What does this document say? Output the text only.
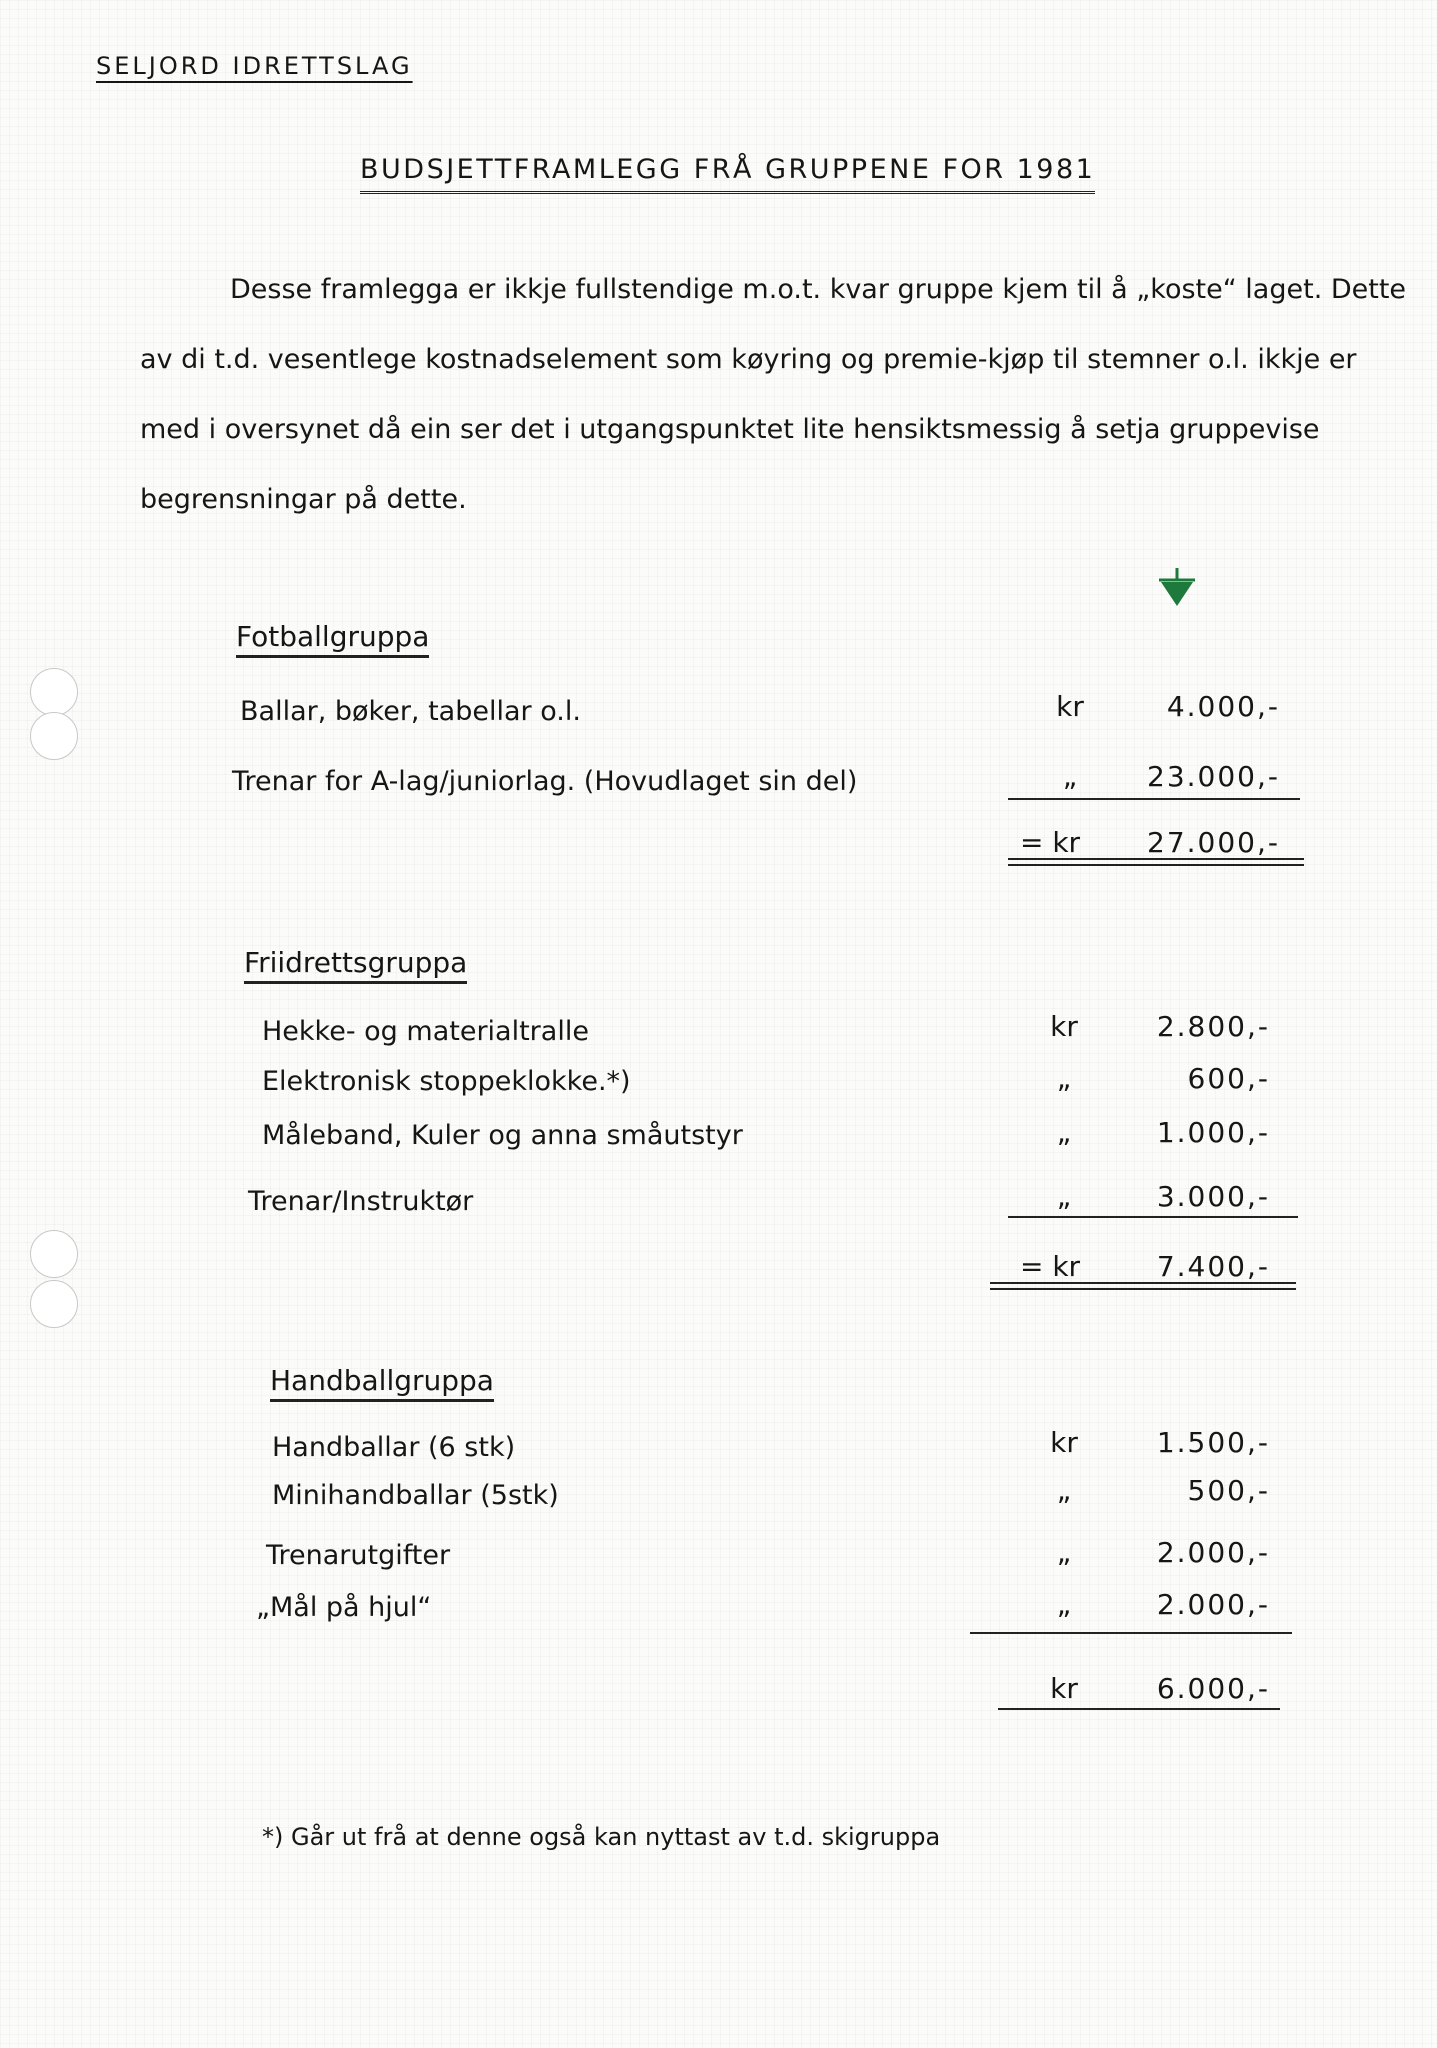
SELJORD IDRETTSLAG
BUDSJETTFRAMLEGG FRÅ GRUPPENE FOR 1981

Desse framlegga er ikkje fullstendige m.o.t. kvar gruppe kjem til å „koste“ laget. Dette av di t.d. vesentlege kostnadselement som køyring og premie-kjøp til stemner o.l. ikkje er med i oversynet då ein ser det i utgangspunktet lite hensiktsmessig å setja gruppevise begrensningar på dette.

Fotballgruppa
Ballar, bøker, tabellar o.l.	kr	4.000,-
Trenar for A-lag/juniorlag. (Hovudlaget sin del)	„	23.000,-
= kr	27.000,-
Friidrettsgruppa
Hekke- og materialtralle	kr	2.800,-
Elektronisk stoppeklokke.*)	„	600,-
Måleband, Kuler og anna småutstyr	„	1.000,-
Trenar/Instruktør	„	3.000,-
= kr	7.400,-
Handballgruppa
Handballar (6 stk)	kr	1.500,-
Minihandballar (5stk)	„	500,-
Trenarutgifter	„	2.000,-
„Mål på hjul“	„	2.000,-
kr	6.000,-
*) Går ut frå at denne også kan nyttast av t.d. skigruppa
